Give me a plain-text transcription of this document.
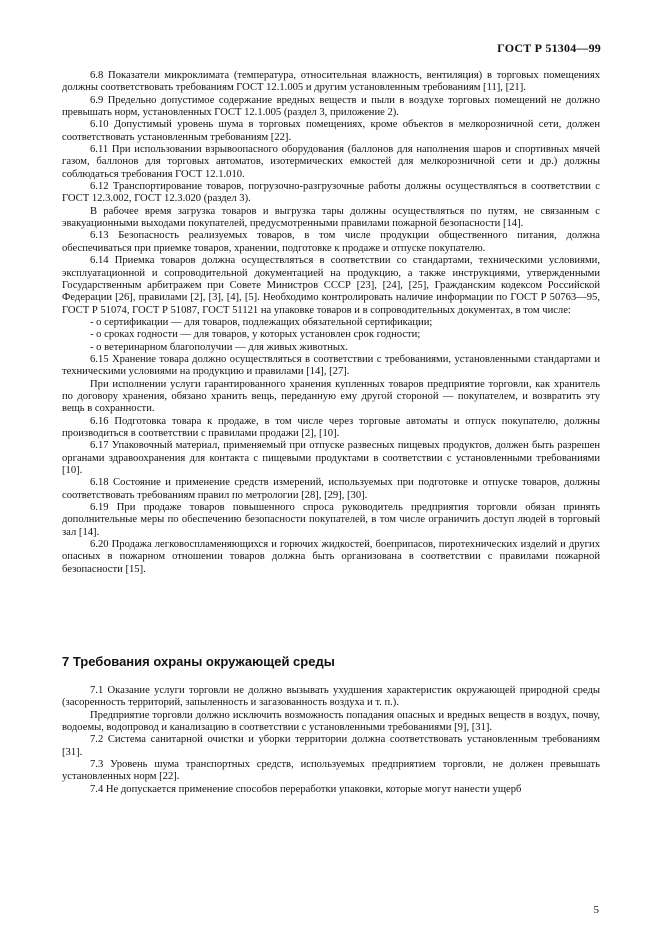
ГОСТ Р 51304—99

6.8 Показатели микроклимата (температура, относительная влажность, вентиляция) в торговых помещениях должны соответствовать требованиям ГОСТ 12.1.005 и другим установленным требованиям [11], [21].

6.9 Предельно допустимое содержание вредных веществ и пыли в воздухе торговых помещений не должно превышать норм, установленных ГОСТ 12.1.005 (раздел 3, приложение 2).

6.10 Допустимый уровень шума в торговых помещениях, кроме объектов в мелкорозничной сети, должен соответствовать установленным требованиям [22].

6.11 При использовании взрывоопасного оборудования (баллонов для наполнения шаров и спортивных мячей газом, баллонов для торговых автоматов, изотермических емкостей для мелкорозничной сети и др.) должны соблюдаться требования ГОСТ 12.1.010.

6.12 Транспортирование товаров, погрузочно-разгрузочные работы должны осуществляться в соответствии с ГОСТ 12.3.002, ГОСТ 12.3.020 (раздел 3).

В рабочее время загрузка товаров и выгрузка тары должны осуществляться по путям, не связанным с эвакуационными выходами покупателей, предусмотренными правилами пожарной безопасности [14].

6.13 Безопасность реализуемых товаров, в том числе продукции общественного питания, должна обеспечиваться при приемке товаров, хранении, подготовке к продаже и отпуске покупателю.

6.14 Приемка товаров должна осуществляться в соответствии со стандартами, техническими условиями, эксплуатационной и сопроводительной документацией на продукцию, а также инструкциями, утвержденными Государственным арбитражем при Совете Министров СССР [23], [24], [25], Гражданским кодексом Российской Федерации [26], правилами [2], [3], [4], [5]. Необходимо контролировать наличие информации по ГОСТ Р 50763—95, ГОСТ Р 51074, ГОСТ Р 51087, ГОСТ 51121 на упаковке товаров и в сопроводительных документах, в том числе:

- о сертификации — для товаров, подлежащих обязательной сертификации;

- о сроках годности — для товаров, у которых установлен срок годности;

- о ветеринарном благополучии — для живых животных.

6.15 Хранение товара должно осуществляться в соответствии с требованиями, установленными стандартами и техническими условиями на продукцию и правилами [14], [27].

При исполнении услуги гарантированного хранения купленных товаров предприятие торговли, как хранитель по договору хранения, обязано хранить вещь, переданную ему другой стороной — покупателем, и возвратить эту вещь в сохранности.

6.16 Подготовка товара к продаже, в том числе через торговые автоматы и отпуск покупателю, должны производиться в соответствии с правилами продажи [2], [10].

6.17 Упаковочный материал, применяемый при отпуске развесных пищевых продуктов, должен быть разрешен органами здравоохранения для контакта с пищевыми продуктами в соответствии с установленными требованиями [10].

6.18 Состояние и применение средств измерений, используемых при подготовке и отпуске товаров, должны соответствовать требованиям правил по метрологии [28], [29], [30].

6.19 При продаже товаров повышенного спроса руководитель предприятия торговли обязан принять дополнительные меры по обеспечению безопасности покупателей, в том числе ограничить доступ людей в торговый зал [14].

6.20 Продажа легковоспламеняющихся и горючих жидкостей, боеприпасов, пиротехнических изделий и других опасных в пожарном отношении товаров должна быть организована в соответствии с правилами пожарной безопасности [15].

7 Требования охраны окружающей среды

7.1 Оказание услуги торговли не должно вызывать ухудшения характеристик окружающей природной среды (засоренность территорий, запыленность и загазованность воздуха и т. п.).

Предприятие торговли должно исключить возможность попадания опасных и вредных веществ в воздух, почву, водоемы, водопровод и канализацию в соответствии с установленными требованиями [9], [31].

7.2 Система санитарной очистки и уборки территории должна соответствовать установленным требованиям [31].

7.3 Уровень шума транспортных средств, используемых предприятием торговли, не должен превышать установленных норм [22].

7.4 Не допускается применение способов переработки упаковки, которые могут нанести ущерб

5
